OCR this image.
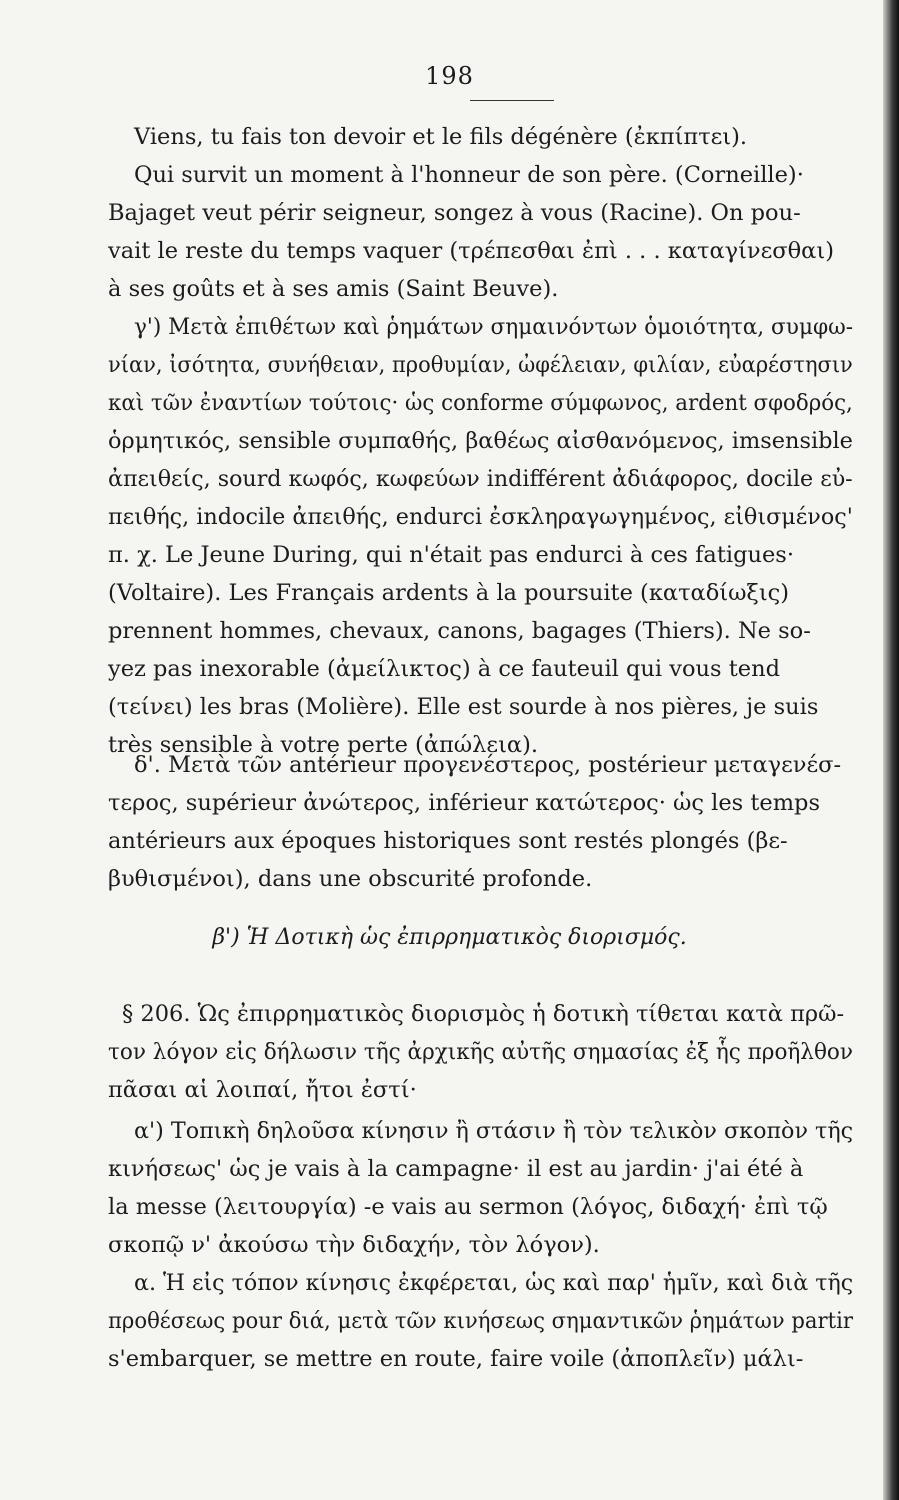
198

Viens, tu fais ton devoir et le fils dégénère (ἐκπίπτει).
Qui survit un moment à l'honneur de son père. (Corneille)·
Bajaget veut périr seigneur, songez à vous (Racine). On pou-
vait le reste du temps vaquer (τρέπεσθαι ἐπὶ . . . καταγίνεσθαι)
à ses goûts et à ses amis (Saint Beuve).

γ') Μετὰ ἐπιθέτων καὶ ῥημάτων σημαινόντων ὁμοιότητα, συμφω-
νίαν, ἰσότητα, συνήθειαν, προθυμίαν, ὠφέλειαν, φιλίαν, εὐαρέστησιν
καὶ τῶν ἐναντίων τούτοις· ὡς conforme σύμφωνος, ardent σφοδρός,
ὁρμητικός, sensible συμπαθής, βαθέως αἰσθανόμενος, imsensible
ἀπειθείς, sourd κωφός, κωφεύων indifférent ἀδιάφορος, docile εὐ-
πειθής, indocile ἀπειθής, endurci ἐσκληραγωγημένος, εἰθισμένος'
π. χ. Le Jeune During, qui n'était pas endurci à ces fatigues·
(Voltaire). Les Français ardents à la poursuite (καταδίωξις)
prennent hommes, chevaux, canons, bagages (Thiers). Ne so-
yez pas inexorable (ἀμείλικτος) à ce fauteuil qui vous tend
(τείνει) les bras (Molière). Elle est sourde à nos pières, je suis
très sensible à votre perte (ἀπώλεια).

δ'. Μετὰ τῶν antérieur προγενέστερος, postérieur μεταγενέσ-
τερος, supérieur ἀνώτερος, inférieur κατώτερος· ὡς les temps
antérieurs aux époques historiques sont restés plongés (βε-
βυθισμένοι), dans une obscurité profonde.

β') Ἡ Δοτικὴ ὡς ἐπιρρηματικὸς διορισμός.

§ 206. Ὡς ἐπιρρηματικὸς διορισμὸς ἡ δοτικὴ τίθεται κατὰ πρῶ-
τον λόγον εἰς δήλωσιν τῆς ἀρχικῆς αὐτῆς σημασίας ἐξ ἧς προῆλθον
πᾶσαι αἱ λοιπαί, ἤτοι ἐστί·

α') Τοπικὴ δηλοῦσα κίνησιν ἢ στάσιν ἢ τὸν τελικὸν σκοπὸν τῆς
κινήσεως' ὡς je vais à la campagne· il est au jardin· j'ai été à
la messe (λειτουργία) -e vais au sermon (λόγος, διδαχή· ἐπὶ τῷ
σκοπῷ ν' ἀκούσω τὴν διδαχήν, τὸν λόγον).

α. Ἡ εἰς τόπον κίνησις ἐκφέρεται, ὡς καὶ παρ' ἡμῖν, καὶ διὰ τῆς
προθέσεως pour διά, μετὰ τῶν κινήσεως σημαντικῶν ῥημάτων partir
s'embarquer, se mettre en route, faire voile (ἀποπλεῖν) μάλι-
